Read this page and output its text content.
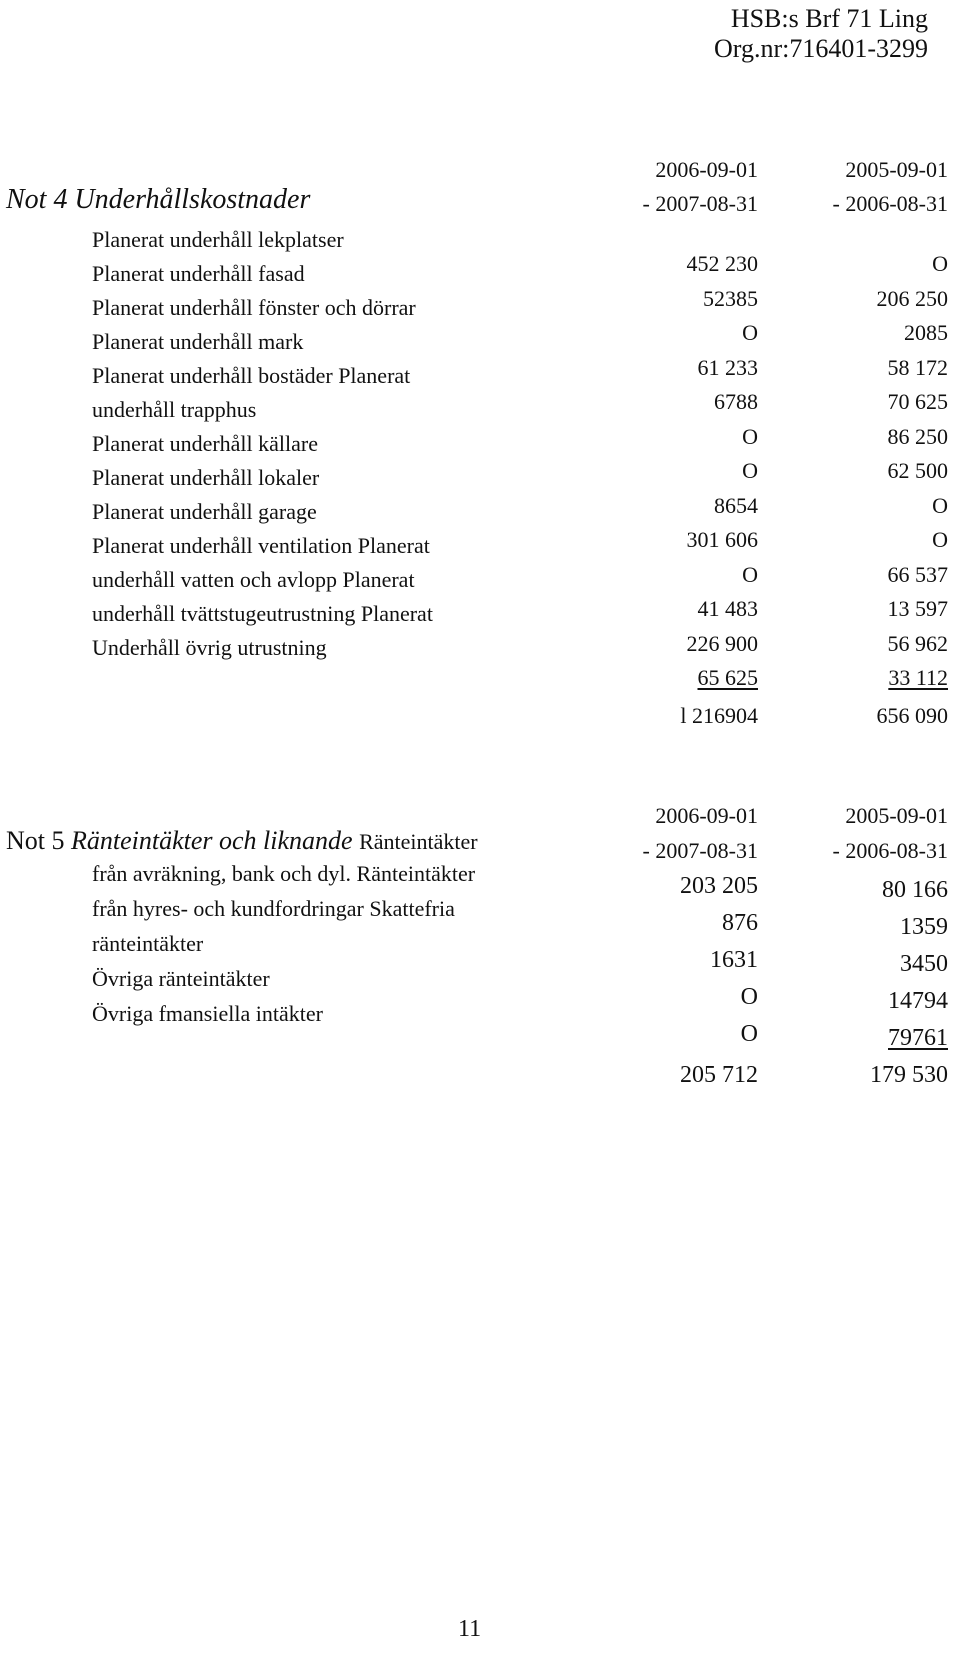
HSB:s Brf 71 Ling
Org.nr:716401-3299
Not 4 Underhållskostnader
2006-09-01
- 2007-08-31
2005-09-01
- 2006-08-31
Planerat underhåll lekplatser
Planerat underhåll fasad
Planerat underhåll fönster och dörrar
Planerat underhåll mark
Planerat underhåll bostäder Planerat
underhåll trapphus
Planerat underhåll källare
Planerat underhåll lokaler
Planerat underhåll garage
Planerat underhåll ventilation Planerat
underhåll vatten och avlopp Planerat
underhåll tvättstugeutrustning Planerat
Underhåll övrig utrustning
452 230
52385
O
61 233
6788
O
O
8654
301 606
O
41 483
226 900
65 625
l 216904
O
206 250
2085
58 172
70 625
86 250
62 500
O
O
66 537
13 597
56 962
33 112
656 090
Not 5 Ränteintäkter och liknande Ränteintäkter
2006-09-01
- 2007-08-31
2005-09-01
- 2006-08-31
från avräkning, bank och dyl. Ränteintäkter
från hyres- och kundfordringar Skattefria
ränteintäkter
Övriga ränteintäkter
Övriga fmansiella intäkter
203 205
876
1631
O
O
205 712
80 166
1359
3450
14794
79761
179 530
11
